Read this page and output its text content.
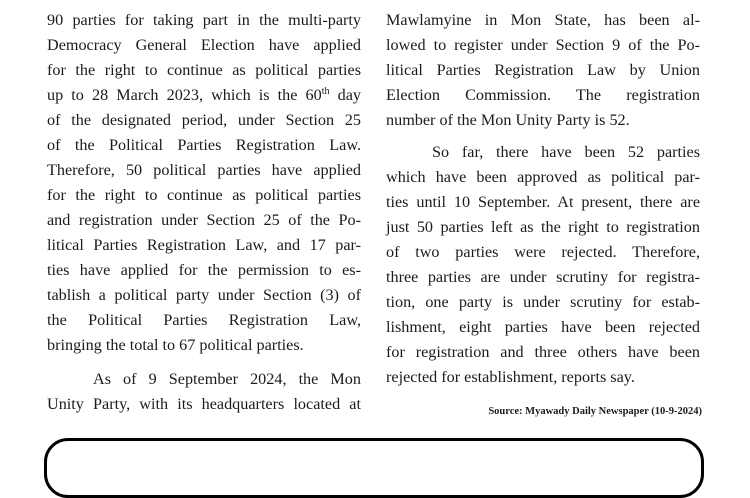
90 parties for taking part in the multi-party
Democracy General Election have applied
for the right to continue as political parties
up to 28 March 2023, which is the 60th day
of the designated period, under Section 25
of the Political Parties Registration Law.
Therefore, 50 political parties have applied
for the right to continue as political parties
and registration under Section 25 of the Po-
litical Parties Registration Law, and 17 par-
ties have applied for the permission to es-
tablish a political party under Section (3) of
the Political Parties Registration Law,
bringing the total to 67 political parties.
As of 9 September 2024, the Mon
Unity Party, with its headquarters located at
Mawlamyine in Mon State, has been al-
lowed to register under Section 9 of the Po-
litical Parties Registration Law by Union
Election Commission. The registration
number of the Mon Unity Party is 52.
So far, there have been 52 parties
which have been approved as political par-
ties until 10 September. At present, there are
just 50 parties left as the right to registration
of two parties were rejected. Therefore,
three parties are under scrutiny for registra-
tion, one party is under scrutiny for estab-
lishment, eight parties have been rejected
for registration and three others have been
rejected for establishment, reports say.
Source: Myawady Daily Newspaper (10-9-2024)
